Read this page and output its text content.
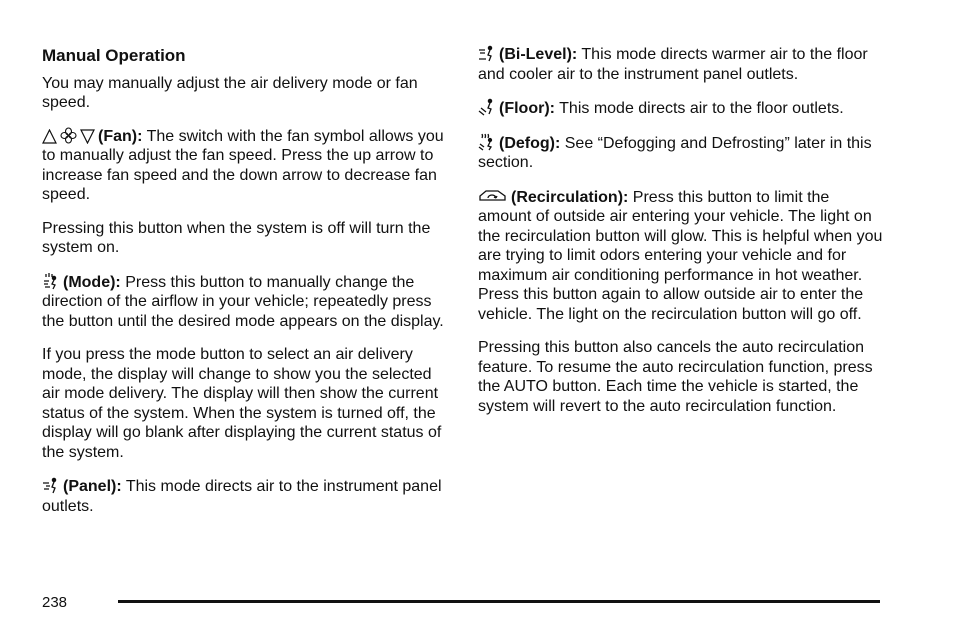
Manual Operation

You may manually adjust the air delivery mode or fan speed.

(Fan): The switch with the fan symbol allows you to manually adjust the fan speed. Press the up arrow to increase fan speed and the down arrow to decrease fan speed.

Pressing this button when the system is off will turn the system on.

(Mode): Press this button to manually change the direction of the airflow in your vehicle; repeatedly press the button until the desired mode appears on the display.

If you press the mode button to select an air delivery mode, the display will change to show you the selected air mode delivery. The display will then show the current status of the system. When the system is turned off, the display will go blank after displaying the current status of the system.

(Panel): This mode directs air to the instrument panel outlets.

(Bi-Level): This mode directs warmer air to the floor and cooler air to the instrument panel outlets.

(Floor): This mode directs air to the floor outlets.

(Defog): See “Defogging and Defrosting” later in this section.

(Recirculation): Press this button to limit the amount of outside air entering your vehicle. The light on the recirculation button will glow. This is helpful when you are trying to limit odors entering your vehicle and for maximum air conditioning performance in hot weather. Press this button again to allow outside air to enter the vehicle. The light on the recirculation button will go off.

Pressing this button also cancels the auto recirculation feature. To resume the auto recirculation function, press the AUTO button. Each time the vehicle is started, the system will revert to the auto recirculation function.

238
